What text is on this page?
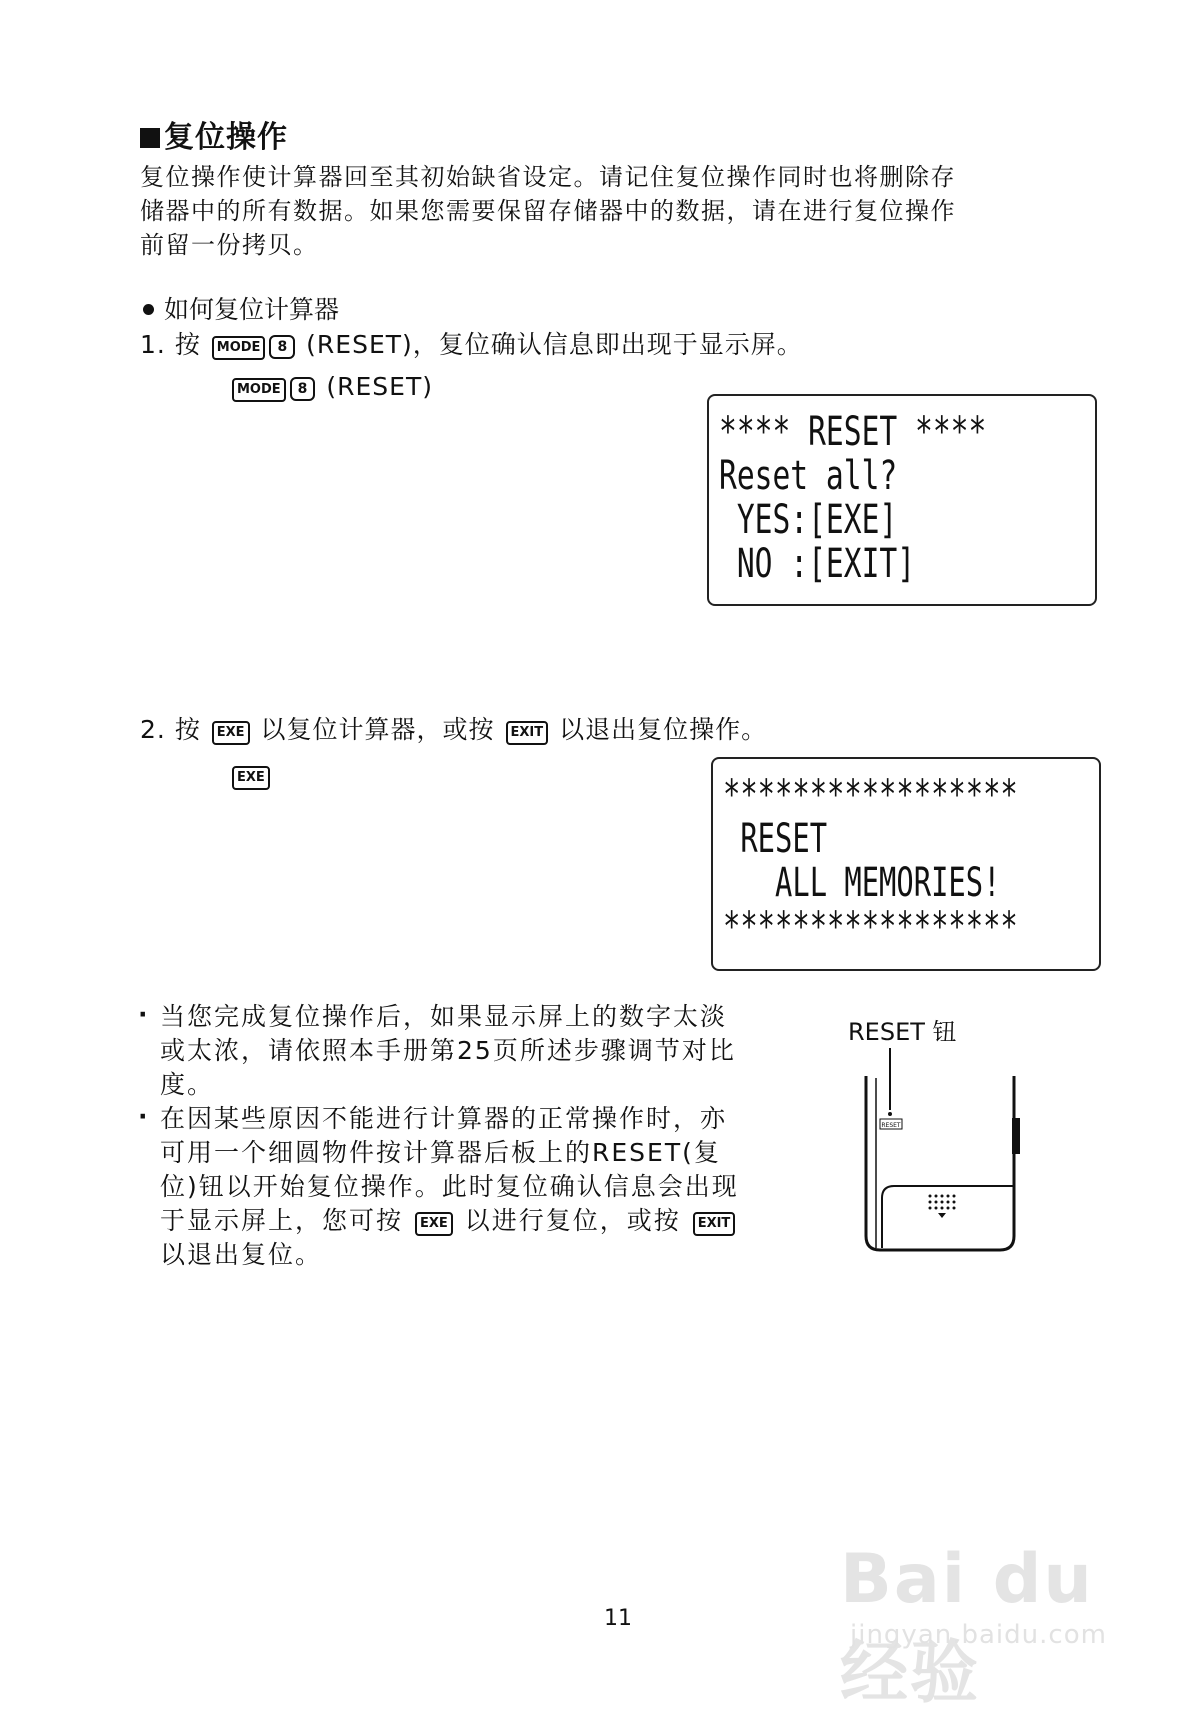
复位操作

复位操作使计算器回至其初始缺省设定。请记住复位操作同时也将删除存

储器中的所有数据。如果您需要保留存储器中的数据，请在进行复位操作

前留一份拷贝。

如何复位计算器
1. 按 MODE 8 (RESET)，复位确认信息即出现于显示屏。
MODE 8 (RESET)
**** RESET ****
Reset all?
YES:[EXE]
NO :[EXIT]
2. 按 EXE 以复位计算器，或按 EXIT 以退出复位操作。
EXE	*****************
RESET
ALL MEMORIES!
*****************

· 当您完成复位操作后，如果显示屏上的数字太淡或太浓，请依照本手册第25页所述步骤调节对比度。

· 在因某些原因不能进行计算器的正常操作时，亦可用一个细圆物件按计算器后板上的RESET(复位)钮以开始复位操作。此时复位确认信息会出现于显示屏上，您可按 EXE 以进行复位，或按 EXIT 以退出复位。

RESET 钮
RESET
11	Bai du 经验
jingyan.baidu.com
